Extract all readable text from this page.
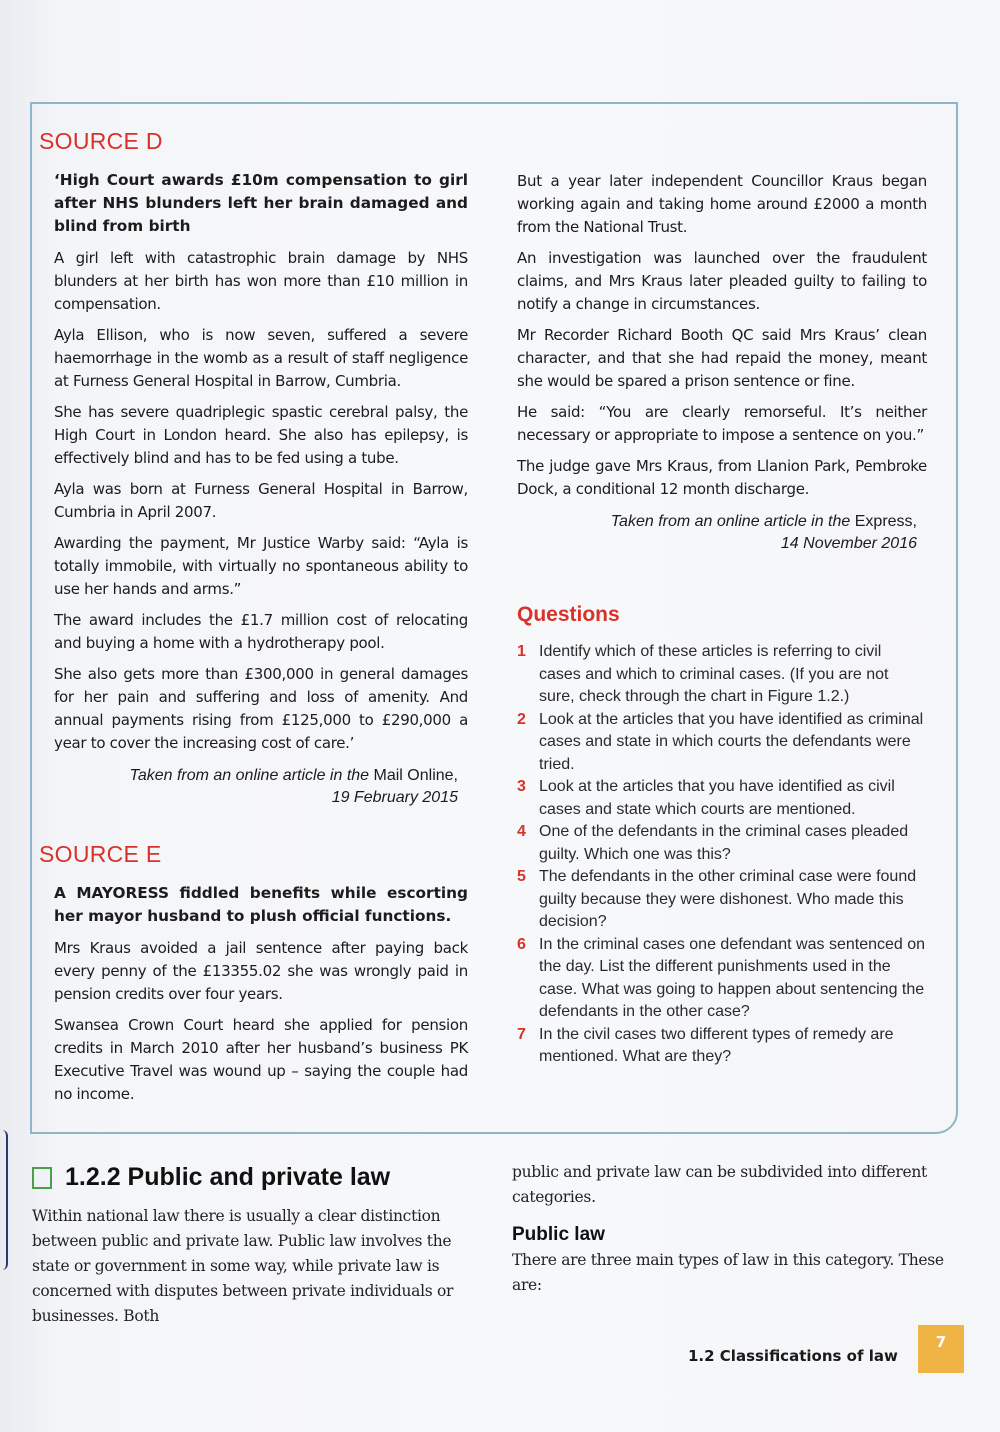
SOURCE D

‘High Court awards £10m compensation to girl after NHS blunders left her brain damaged and blind from birth

A girl left with catastrophic brain damage by NHS blunders at her birth has won more than £10 million in compensation.

Ayla Ellison, who is now seven, suffered a severe haemorrhage in the womb as a result of staff negligence at Furness General Hospital in Barrow, Cumbria.

She has severe quadriplegic spastic cerebral palsy, the High Court in London heard. She also has epilepsy, is effectively blind and has to be fed using a tube.

Ayla was born at Furness General Hospital in Barrow, Cumbria in April 2007.

Awarding the payment, Mr Justice Warby said: “Ayla is totally immobile, with virtually no spontaneous ability to use her hands and arms.”

The award includes the £1.7 million cost of relocating and buying a home with a hydrotherapy pool.

She also gets more than £300,000 in general damages for her pain and suffering and loss of amenity. And annual payments rising from £125,000 to £290,000 a year to cover the increasing cost of care.’

Taken from an online article in the Mail Online,
19 February 2015
SOURCE E

A MAYORESS fiddled benefits while escorting her mayor husband to plush official functions.

Mrs Kraus avoided a jail sentence after paying back every penny of the £13355.02 she was wrongly paid in pension credits over four years.

Swansea Crown Court heard she applied for pension credits in March 2010 after her husband’s business PK Executive Travel was wound up – saying the couple had no income.

But a year later independent Councillor Kraus began working again and taking home around £2000 a month from the National Trust.

An investigation was launched over the fraudulent claims, and Mrs Kraus later pleaded guilty to failing to notify a change in circumstances.

Mr Recorder Richard Booth QC said Mrs Kraus’ clean character, and that she had repaid the money, meant she would be spared a prison sentence or fine.

He said: “You are clearly remorseful. It’s neither necessary or appropriate to impose a sentence on you.”

The judge gave Mrs Kraus, from Llanion Park, Pembroke Dock, a conditional 12 month discharge.

Taken from an online article in the Express,
14 November 2016
Questions
1 Identify which of these articles is referring to civil cases and which to criminal cases. (If you are not sure, check through the chart in Figure 1.2.)
2 Look at the articles that you have identified as criminal cases and state in which courts the defendants were tried.
3 Look at the articles that you have identified as civil cases and state which courts are mentioned.
4 One of the defendants in the criminal cases pleaded guilty. Which one was this?
5 The defendants in the other criminal case were found guilty because they were dishonest. Who made this decision?
6 In the criminal cases one defendant was sentenced on the day. List the different punishments used in the case. What was going to happen about sentencing the defendants in the other case?
7 In the civil cases two different types of remedy are mentioned. What are they?
1.2.2 Public and private law

Within national law there is usually a clear distinction between public and private law. Public law involves the state or government in some way, while private law is concerned with disputes between private individuals or businesses. Both

public and private law can be subdivided into different categories.

Public law

There are three main types of law in this category. These are:

1.2 Classifications of law
7
